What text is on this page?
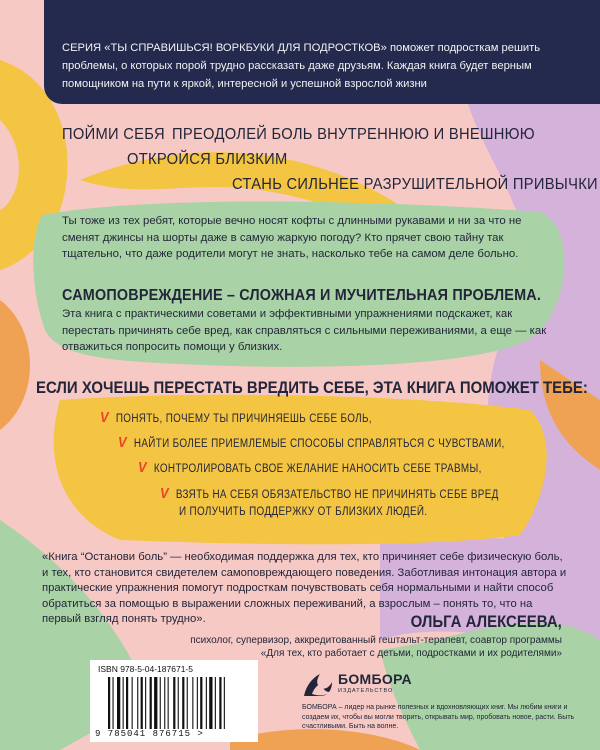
СЕРИЯ «ТЫ СПРАВИШЬСЯ! ВОРКБУКИ ДЛЯ ПОДРОСТКОВ» поможет подросткам решить проблемы, о которых порой трудно рассказать даже друзьям. Каждая книга будет верным помощником на пути к яркой, интересной и успешной взрослой жизни

ПОЙМИ СЕБЯ ПРЕОДОЛЕЙ БОЛЬ ВНУТРЕННЮЮ И ВНЕШНЮЮ
ОТКРОЙСЯ БЛИЗКИМ
СТАНЬ СИЛЬНЕЕ РАЗРУШИТЕЛЬНОЙ ПРИВЫЧКИ

Ты тоже из тех ребят, которые вечно носят кофты с длинными рукавами и ни за что не сменят джинсы на шорты даже в самую жаркую погоду? Кто прячет свою тайну так тщательно, что даже родители могут не знать, насколько тебе на самом деле больно.

САМОПОВРЕЖДЕНИЕ – СЛОЖНАЯ И МУЧИТЕЛЬНАЯ ПРОБЛЕМА.

Эта книга с практическими советами и эффективными упражнениями подскажет, как перестать причинять себе вред, как справляться с сильными переживаниями, а еще — как отважиться попросить помощи у близких.

ЕСЛИ ХОЧЕШЬ ПЕРЕСТАТЬ ВРЕДИТЬ СЕБЕ, ЭТА КНИГА ПОМОЖЕТ ТЕБЕ:
V ПОНЯТЬ, ПОЧЕМУ ТЫ ПРИЧИНЯЕШЬ СЕБЕ БОЛЬ,
V НАЙТИ БОЛЕЕ ПРИЕМЛЕМЫЕ СПОСОБЫ СПРАВЛЯТЬСЯ С ЧУВСТВАМИ,
V КОНТРОЛИРОВАТЬ СВОЕ ЖЕЛАНИЕ НАНОСИТЬ СЕБЕ ТРАВМЫ,
V ВЗЯТЬ НА СЕБЯ ОБЯЗАТЕЛЬСТВО НЕ ПРИЧИНЯТЬ СЕБЕ ВРЕД
И ПОЛУЧИТЬ ПОДДЕРЖКУ ОТ БЛИЗКИХ ЛЮДЕЙ.

«Книга “Останови боль” — необходимая поддержка для тех, кто причиняет себе физическую боль, и тех, кто становится свидетелем самоповреждающего поведения. Заботливая интонация автора и практические упражнения помогут подросткам почувствовать себя нормальными и найти способ обратиться за помощью в выражении сложных переживаний, а взрослым – понять то, что на первый взгляд понять трудно».	ОЛЬГА АЛЕКСЕЕВА,
психолог, супервизор, аккредитованный гештальт-терапевт, соавтор программы
«Для тех, кто работает с детьми, подростками и их родителями»
ISBN 978-5-04-187671-5
9 785041 876715 >
БОМБОРА
ИЗДАТЕЛЬСТВО

БОМБОРА – лидер на рынке полезных и вдохновляющих книг. Мы любим книги и создаем их, чтобы вы могли творить, открывать мир, пробовать новое, расти. Быть счастливыми. Быть на волне.
